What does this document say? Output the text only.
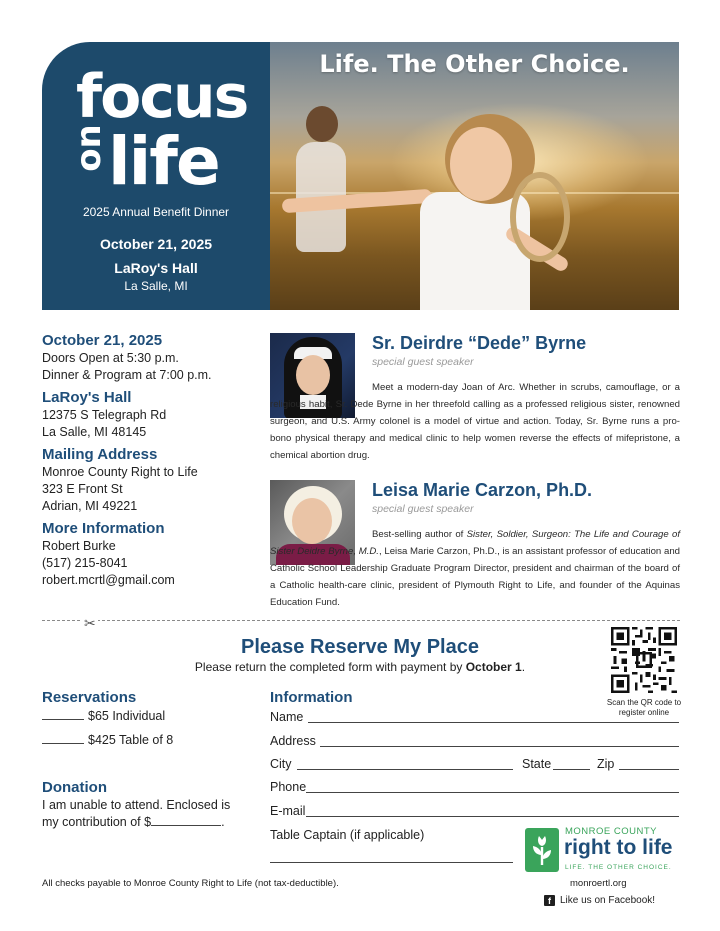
focus
on life
2025 Annual Benefit Dinner
October 21, 2025
LaRoy's Hall
La Salle, MI
Life. The Other Choice.
October 21, 2025
Doors Open at 5:30 p.m.
Dinner & Program at 7:00 p.m.
LaRoy's Hall
12375 S Telegraph Rd
La Salle, MI 48145
Mailing Address
Monroe County Right to Life
323 E Front St
Adrian, MI 49221
More Information
Robert Burke
(517) 215-8041
robert.mcrtl@gmail.com
Sr. Deirdre “Dede” Byrne
special guest speaker
Meet a modern-day Joan of Arc. Whether in scrubs, camouflage, or a religious habit, Sr. Dede Byrne in her threefold calling as a professed religious sister, renowned surgeon, and U.S. Army colonel is a model of virtue and action. Today, Sr. Byrne runs a pro-bono physical therapy and medical clinic to help women reverse the effects of mifepristone, a chemical abortion drug.
Leisa Marie Carzon, Ph.D.
special guest speaker
Best-selling author of Sister, Soldier, Surgeon: The Life and Courage of Sister Deidre Byrne, M.D., Leisa Marie Carzon, Ph.D., is an assistant professor of education and Catholic School Leadership Graduate Program Director, president and chairman of the board of a Catholic health-care clinic, president of Plymouth Right to Life, and founder of the Aquinas Education Fund.
✂
Please Reserve My Place
Please return the completed form with payment by October 1.
Scan the QR code to register online
Reservations
$65 Individual
$425 Table of 8
Donation
I am unable to attend. Enclosed is my contribution of $	.
Information
Name
Address
City	State	Zip
Phone
E-mail
Table Captain (if applicable)
All checks payable to Monroe County Right to Life (not tax-deductible).
MONROE COUNTY
right to life
LIFE. THE OTHER CHOICE.
monroertl.org
f Like us on Facebook!
